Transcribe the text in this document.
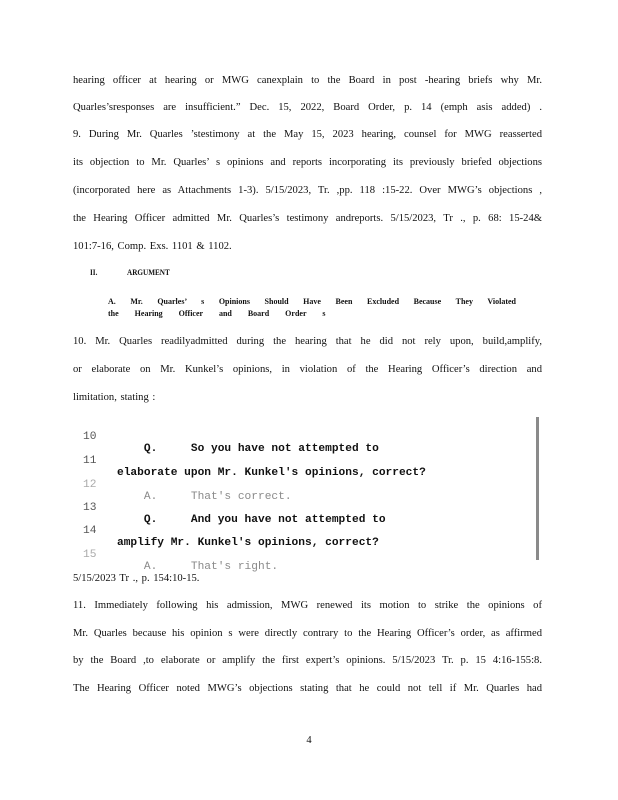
hearing officer at hearing or MWG canexplain to the Board in post -hearing briefs why Mr.
Quarles’sresponses are insufficient.” Dec. 15, 2022, Board Order, p. 14 (emph asis added) .
9. During Mr. Quarles ’stestimony at the May 15, 2023 hearing, counsel for MWG reasserted
its objection to Mr. Quarles’ s opinions and reports incorporating its previously briefed objections
(incorporated here as Attachments 1-3). 5/15/2023, Tr. ,pp. 118 :15-22. Over MWG’s objections ,
the Hearing Officer admitted Mr. Quarles’s testimony andreports. 5/15/2023, Tr ., p. 68: 15-24&
101:7-16, Comp. Exs. 1101 & 1102.
II.	ARGUMENT
A. Mr. Quarles’ s Opinions Should Have Been Excluded Because They Violated
the Hearing Officer and Board Order s
10. Mr. Quarles readilyadmitted during the hearing that he did not rely upon, build,amplify,
or elaborate on Mr. Kunkel’s opinions, in violation of the Hearing Officer’s direction and
limitation, stating :

10

Q.     So you have not attempted to

11

elaborate upon Mr. Kunkel's opinions, correct?

12

A.     That's correct.

13

Q.     And you have not attempted to

14

amplify Mr. Kunkel's opinions, correct?

15

A.     That's right.

5/15/2023 Tr ., p. 154:10-15.
11. Immediately following his admission, MWG renewed its motion to strike the opinions of
Mr. Quarles because his opinion s were directly contrary to the Hearing Officer’s order, as affirmed
by the Board ,to elaborate or amplify the first expert’s opinions. 5/15/2023 Tr. p. 15 4:16-155:8.
The Hearing Officer noted MWG’s objections stating that he could not tell if Mr. Quarles had
4
